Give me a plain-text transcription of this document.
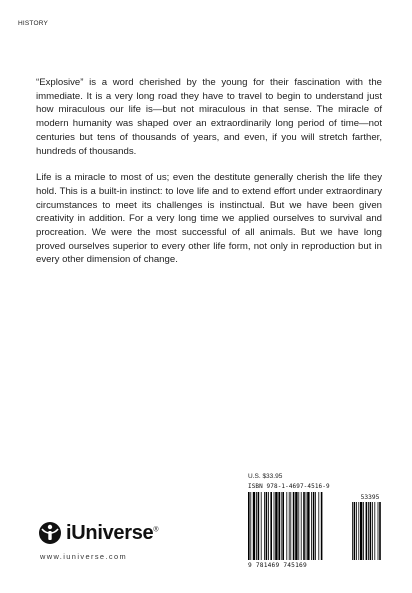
HISTORY

“Explosive” is a word cherished by the young for their fascination with the immediate. It is a very long road they have to travel to begin to understand just how miraculous our life is—but not miraculous in that sense. The miracle of modern humanity was shaped over an extraordinarily long period of time—not centuries but tens of thousands of years, and even, if you will stretch farther, hundreds of thousands.

Life is a miracle to most of us; even the destitute generally cherish the life they hold. This is a built-in instinct: to love life and to extend effort under extraordinary circumstances to meet its challenges is instinctual. But we have been given creativity in addition. For a very long time we applied ourselves to survival and procreation. We were the most successful of all animals. But we have long proved ourselves superior to every other life form, not only in reproduction but in every other dimension of change.

U.S. $33.95
ISBN 978-1-4697-4516-9
53395
9 781469 745169
iUniverse®
www.iuniverse.com
